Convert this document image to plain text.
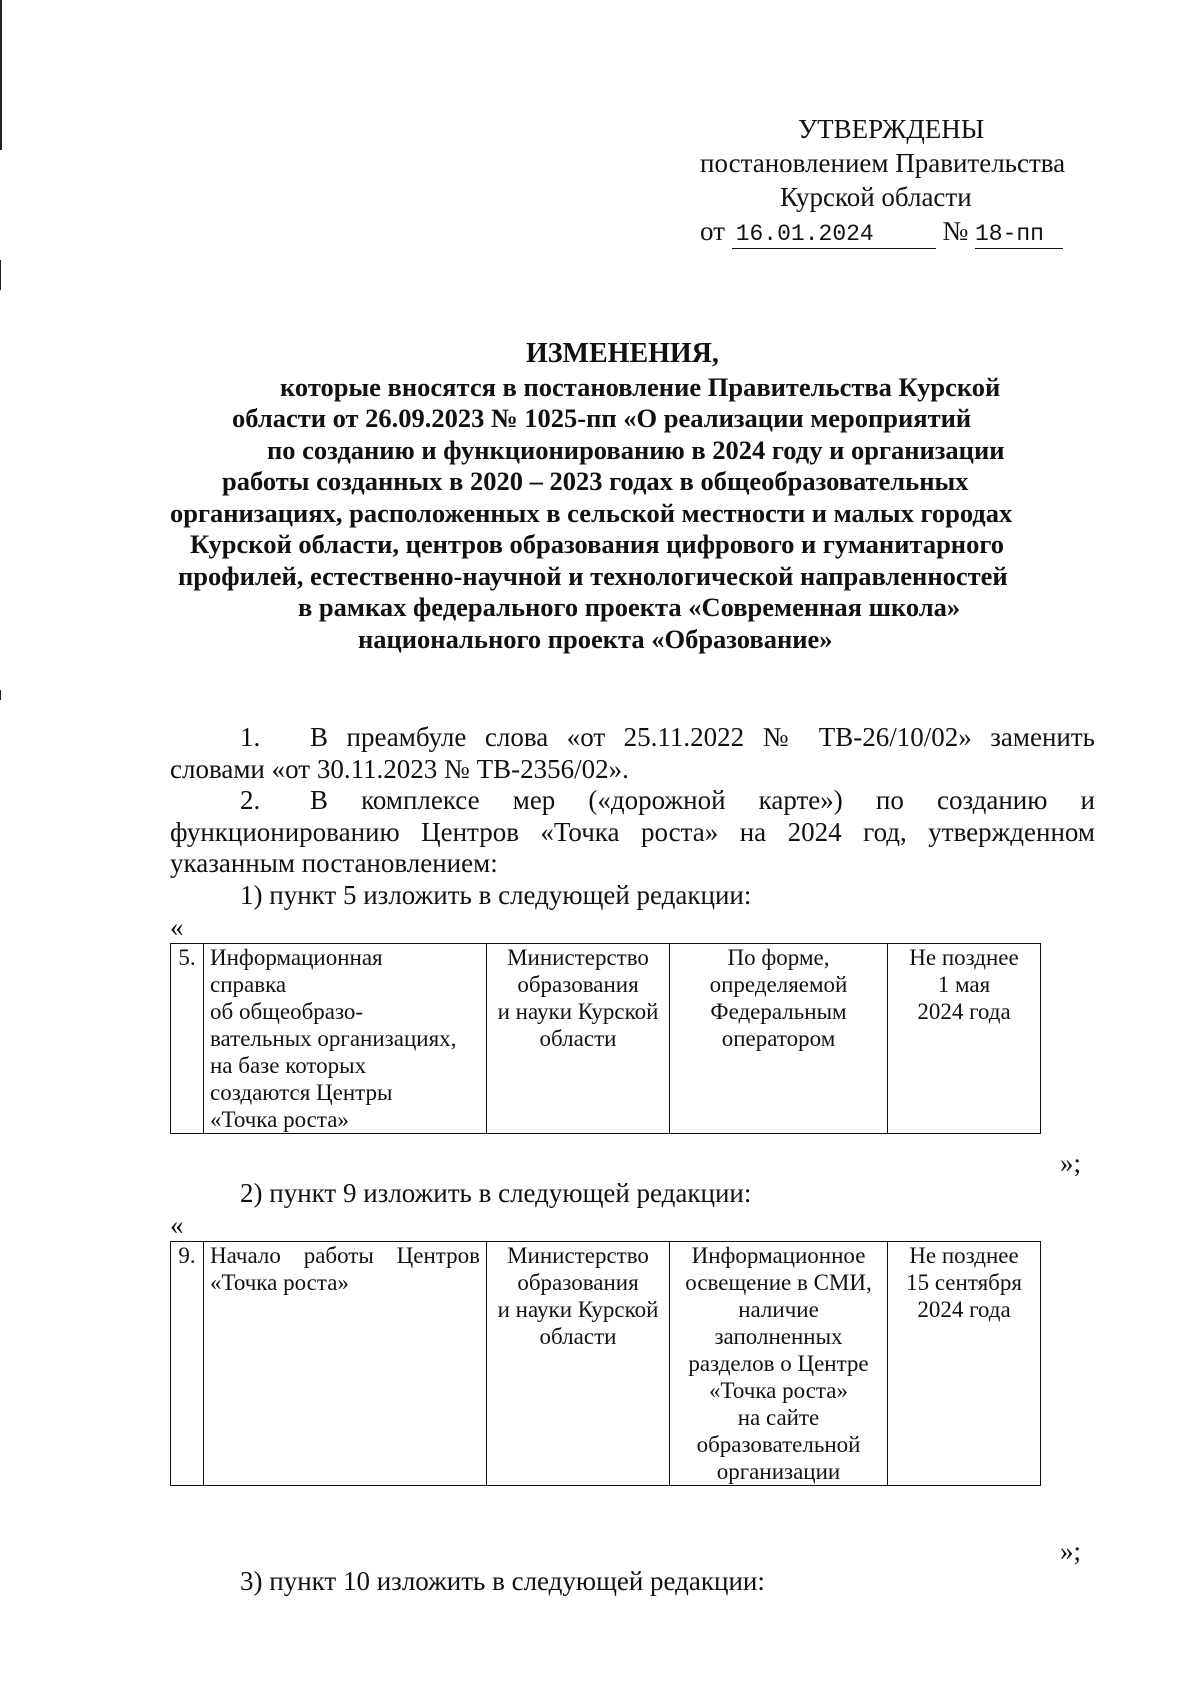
УТВЕРЖДЕНЫ
постановлением Правительства
Курской области
от 16.01.2024	№ 18-пп
ИЗМЕНЕНИЯ,
которые вносятся в постановление Правительства Курской
области от 26.09.2023 № 1025-пп «О реализации мероприятий
по созданию и функционированию в 2024 году и организации
работы созданных в 2020 – 2023 годах в общеобразовательных
организациях, расположенных в сельской местности и малых городах
Курской области, центров образования цифрового и гуманитарного
профилей, естественно-научной и технологической направленностей
в рамках федерального проекта «Современная школа»
национального проекта «Образование»
1. В преамбуле слова «от 25.11.2022 № ТВ-26/10/02» заменить словами «от 30.11.2023 № ТВ-2356/02».
2. В комплексе мер («дорожной карте») по созданию и функционированию Центров «Точка роста» на 2024 год, утвержденном указанным постановлением:
1) пункт 5 изложить в следующей редакции:
«
5.	Информационная
справка
об общеобразо-
вательных организациях,
на базе которых
создаются Центры
«Точка роста»

Министерство
образования
и науки Курской
области

По форме,
определяемой
Федеральным
оператором

Не позднее
1 мая
2024 года
»;
2) пункт 9 изложить в следующей редакции:
«
9.	Начало работы Центров
«Точка роста»

Министерство
образования
и науки Курской
области

Информационное
освещение в СМИ,
наличие
заполненных
разделов о Центре
«Точка роста»
на сайте
образовательной
организации

Не позднее
15 сентября
2024 года
»;
3) пункт 10 изложить в следующей редакции:
